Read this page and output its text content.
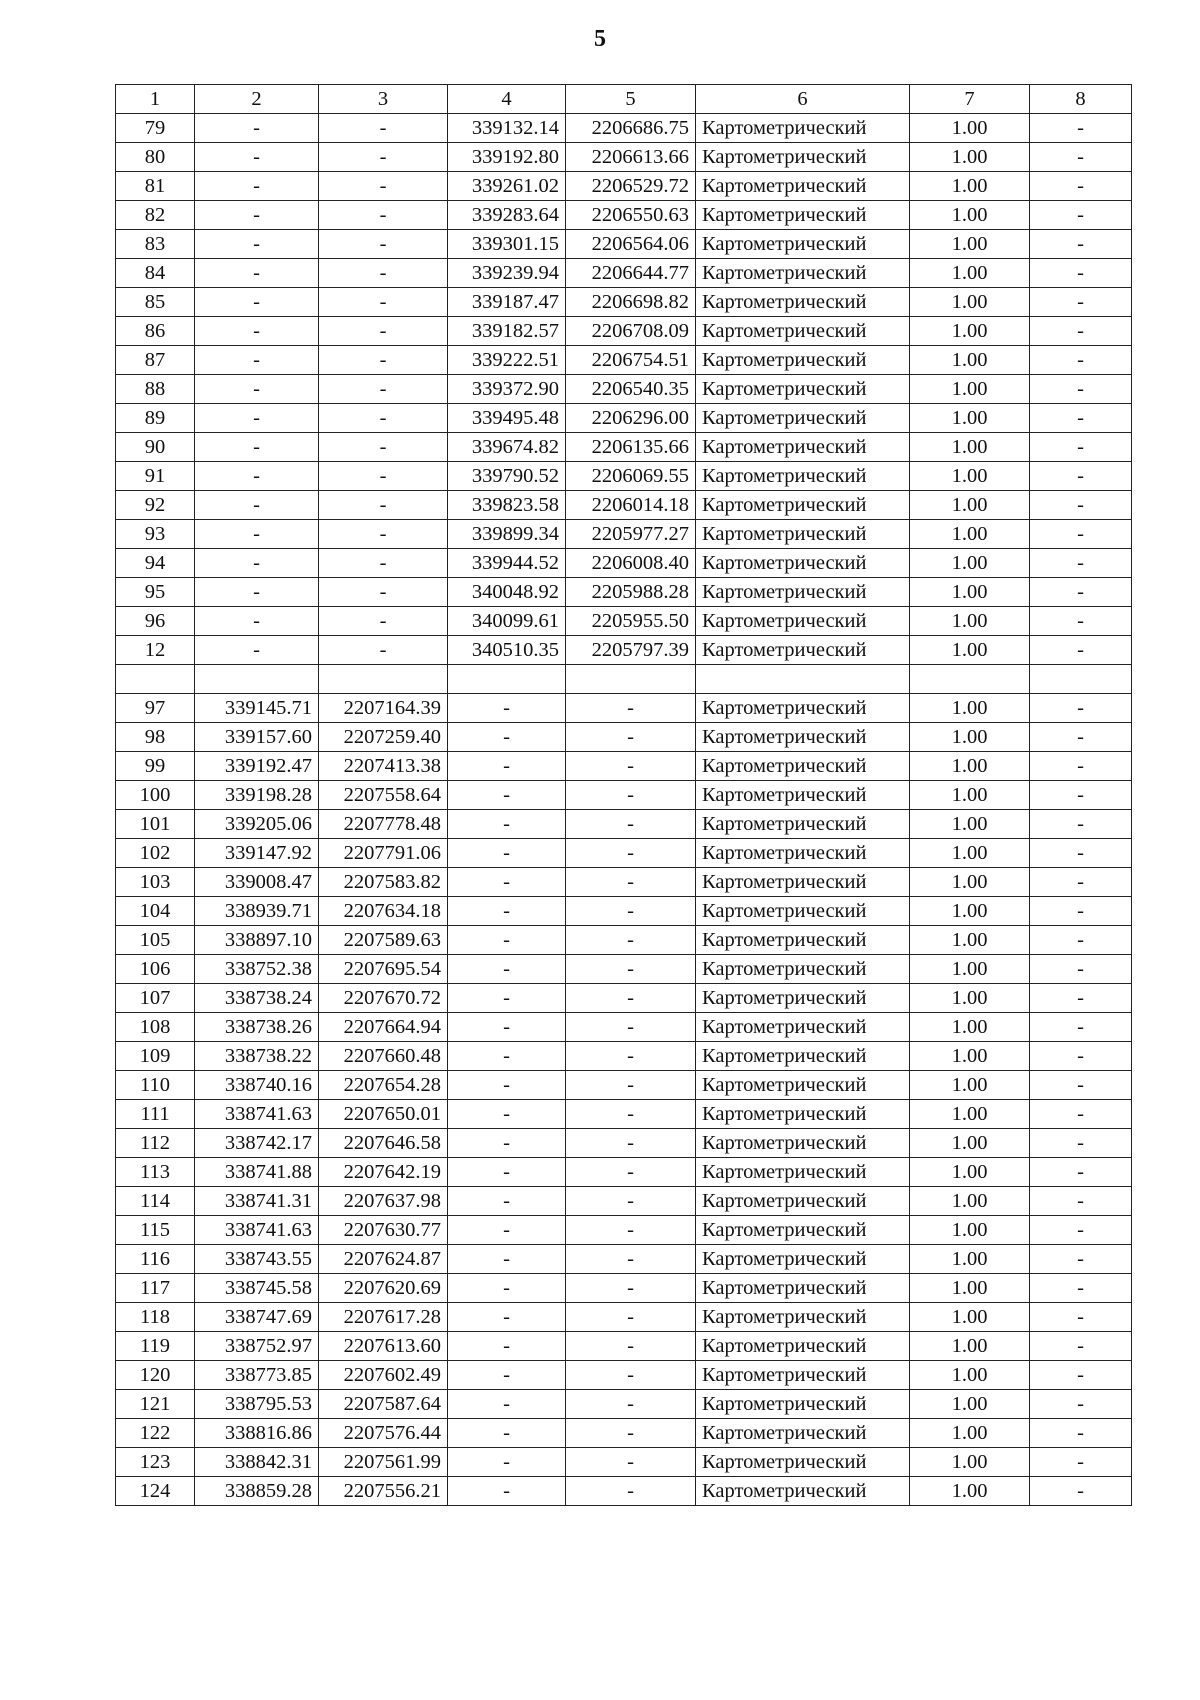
5
1	2	3	4	5	6	7	8
79	-	-	339132.14	2206686.75	Картометрический	1.00	-
80	-	-	339192.80	2206613.66	Картометрический	1.00	-
81	-	-	339261.02	2206529.72	Картометрический	1.00	-
82	-	-	339283.64	2206550.63	Картометрический	1.00	-
83	-	-	339301.15	2206564.06	Картометрический	1.00	-
84	-	-	339239.94	2206644.77	Картометрический	1.00	-
85	-	-	339187.47	2206698.82	Картометрический	1.00	-
86	-	-	339182.57	2206708.09	Картометрический	1.00	-
87	-	-	339222.51	2206754.51	Картометрический	1.00	-
88	-	-	339372.90	2206540.35	Картометрический	1.00	-
89	-	-	339495.48	2206296.00	Картометрический	1.00	-
90	-	-	339674.82	2206135.66	Картометрический	1.00	-
91	-	-	339790.52	2206069.55	Картометрический	1.00	-
92	-	-	339823.58	2206014.18	Картометрический	1.00	-
93	-	-	339899.34	2205977.27	Картометрический	1.00	-
94	-	-	339944.52	2206008.40	Картометрический	1.00	-
95	-	-	340048.92	2205988.28	Картометрический	1.00	-
96	-	-	340099.61	2205955.50	Картометрический	1.00	-
12	-	-	340510.35	2205797.39	Картометрический	1.00	-

97	339145.71	2207164.39	-	-	Картометрический	1.00	-
98	339157.60	2207259.40	-	-	Картометрический	1.00	-
99	339192.47	2207413.38	-	-	Картометрический	1.00	-
100	339198.28	2207558.64	-	-	Картометрический	1.00	-
101	339205.06	2207778.48	-	-	Картометрический	1.00	-
102	339147.92	2207791.06	-	-	Картометрический	1.00	-
103	339008.47	2207583.82	-	-	Картометрический	1.00	-
104	338939.71	2207634.18	-	-	Картометрический	1.00	-
105	338897.10	2207589.63	-	-	Картометрический	1.00	-
106	338752.38	2207695.54	-	-	Картометрический	1.00	-
107	338738.24	2207670.72	-	-	Картометрический	1.00	-
108	338738.26	2207664.94	-	-	Картометрический	1.00	-
109	338738.22	2207660.48	-	-	Картометрический	1.00	-
110	338740.16	2207654.28	-	-	Картометрический	1.00	-
111	338741.63	2207650.01	-	-	Картометрический	1.00	-
112	338742.17	2207646.58	-	-	Картометрический	1.00	-
113	338741.88	2207642.19	-	-	Картометрический	1.00	-
114	338741.31	2207637.98	-	-	Картометрический	1.00	-
115	338741.63	2207630.77	-	-	Картометрический	1.00	-
116	338743.55	2207624.87	-	-	Картометрический	1.00	-
117	338745.58	2207620.69	-	-	Картометрический	1.00	-
118	338747.69	2207617.28	-	-	Картометрический	1.00	-
119	338752.97	2207613.60	-	-	Картометрический	1.00	-
120	338773.85	2207602.49	-	-	Картометрический	1.00	-
121	338795.53	2207587.64	-	-	Картометрический	1.00	-
122	338816.86	2207576.44	-	-	Картометрический	1.00	-
123	338842.31	2207561.99	-	-	Картометрический	1.00	-
124	338859.28	2207556.21	-	-	Картометрический	1.00	-
